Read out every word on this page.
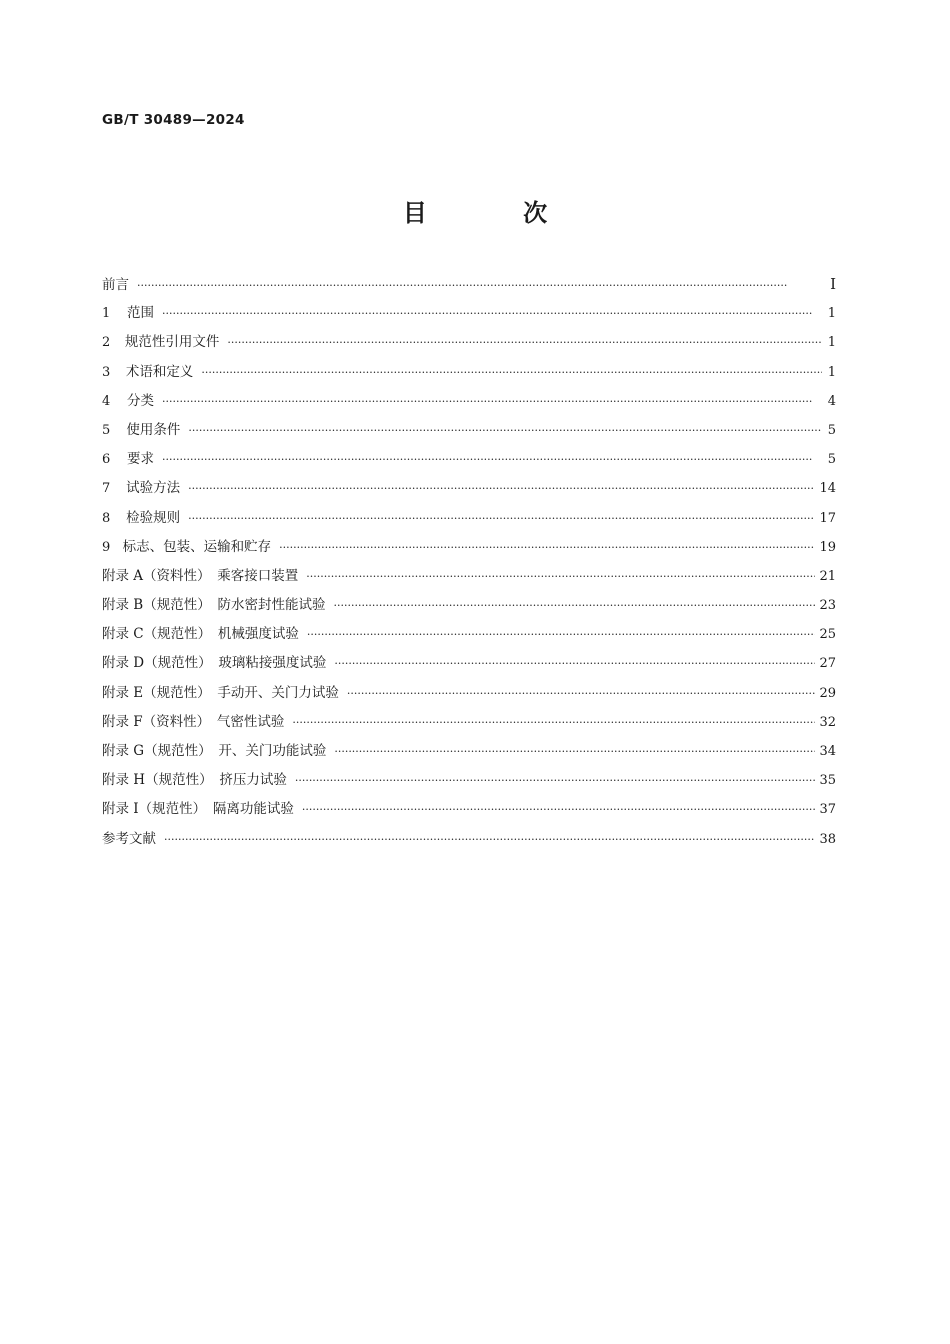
GB/T 30489—2024
目 次
前言 ·····	Ⅰ
1	范围 ·····	1
2	规范性引用文件 ·····	1
3	术语和定义 ·····	1
4	分类 ·····	4
5	使用条件 ·····	5
6	要求 ·····	5
7	试验方法 ·····	14
8	检验规则 ·····	17
9 标志、包装、运输和贮存 ·····	19
附录 A（资料性）　乘客接口装置 ·····	21
附录 B（规范性）　防水密封性能试验 ·····	23
附录 C（规范性）　机械强度试验 ·····	25
附录 D（规范性）　玻璃粘接强度试验 ·····	27
附录 E（规范性）　手动开、关门力试验 ·····	29
附录 F（资料性）　气密性试验 ·····	32
附录 G（规范性）　开、关门功能试验 ·····	34
附录 H（规范性）　挤压力试验 ·····	35
附录 I（规范性）　隔离功能试验 ·····	37
参考文献 ·····	38
